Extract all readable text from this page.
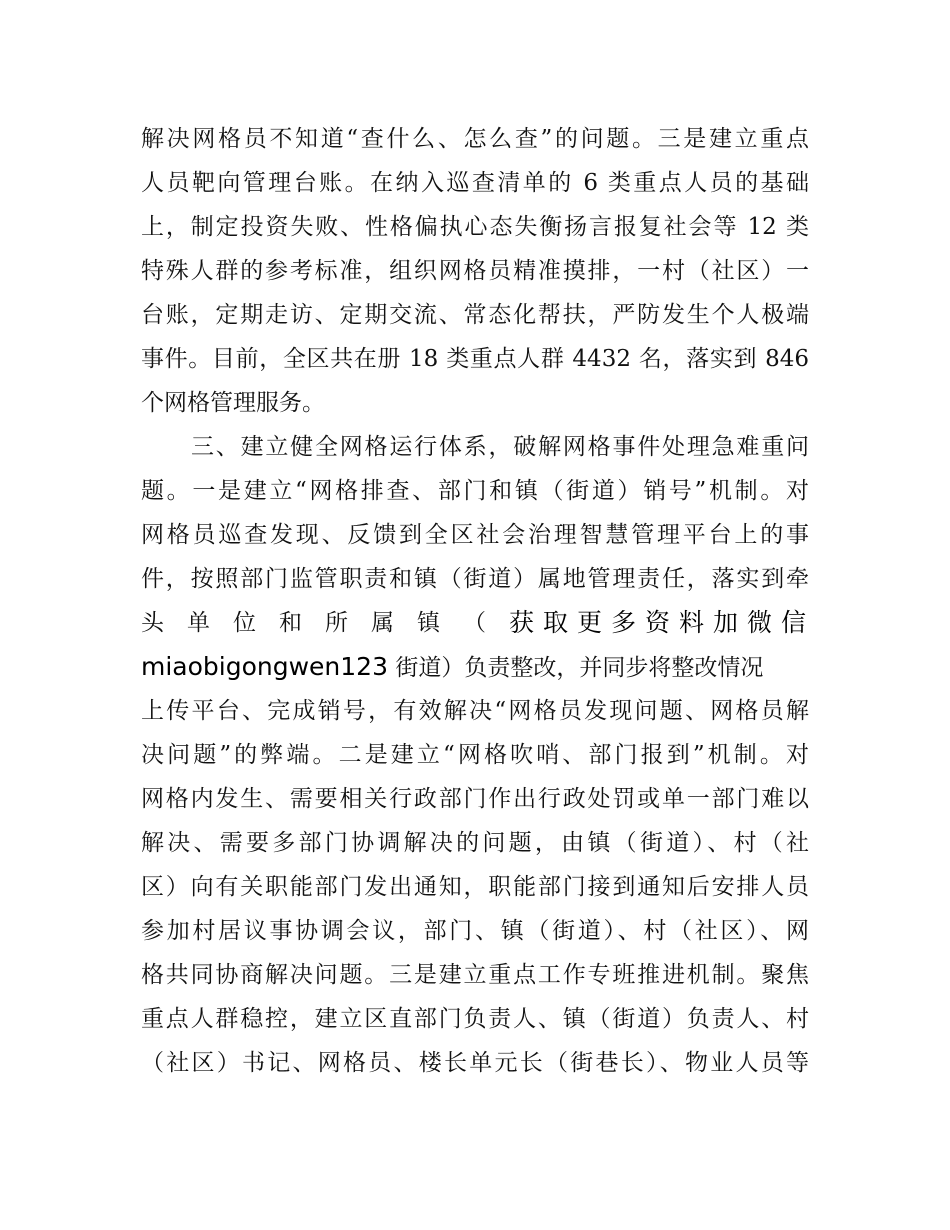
解决网格员不知道“查什么、怎么查”的问题。三是建立重点
人员靶向管理台账。在纳入巡查清单的 6 类重点人员的基础
上，制定投资失败、性格偏执心态失衡扬言报复社会等 12 类
特殊人群的参考标准，组织网格员精准摸排，一村（社区）一
台账，定期走访、定期交流、常态化帮扶，严防发生个人极端
事件。目前，全区共在册 18 类重点人群 4432 名，落实到 846
个网格管理服务。
三、建立健全网格运行体系，破解网格事件处理急难重问
题。一是建立“网格排查、部门和镇（街道）销号”机制。对
网格员巡查发现、反馈到全区社会治理智慧管理平台上的事
件，按照部门监管职责和镇（街道）属地管理责任，落实到牵
头单位和所属镇（ 获取更多资料加微信
miaobigongwen123 街道）负责整改，并同步将整改情况
上传平台、完成销号，有效解决“网格员发现问题、网格员解
决问题”的弊端。二是建立“网格吹哨、部门报到”机制。对
网格内发生、需要相关行政部门作出行政处罚或单一部门难以
解决、需要多部门协调解决的问题，由镇（街道）、村（社
区）向有关职能部门发出通知，职能部门接到通知后安排人员
参加村居议事协调会议，部门、镇（街道）、村（社区）、网
格共同协商解决问题。三是建立重点工作专班推进机制。聚焦
重点人群稳控，建立区直部门负责人、镇（街道）负责人、村
（社区）书记、网格员、楼长单元长（街巷长）、物业人员等
